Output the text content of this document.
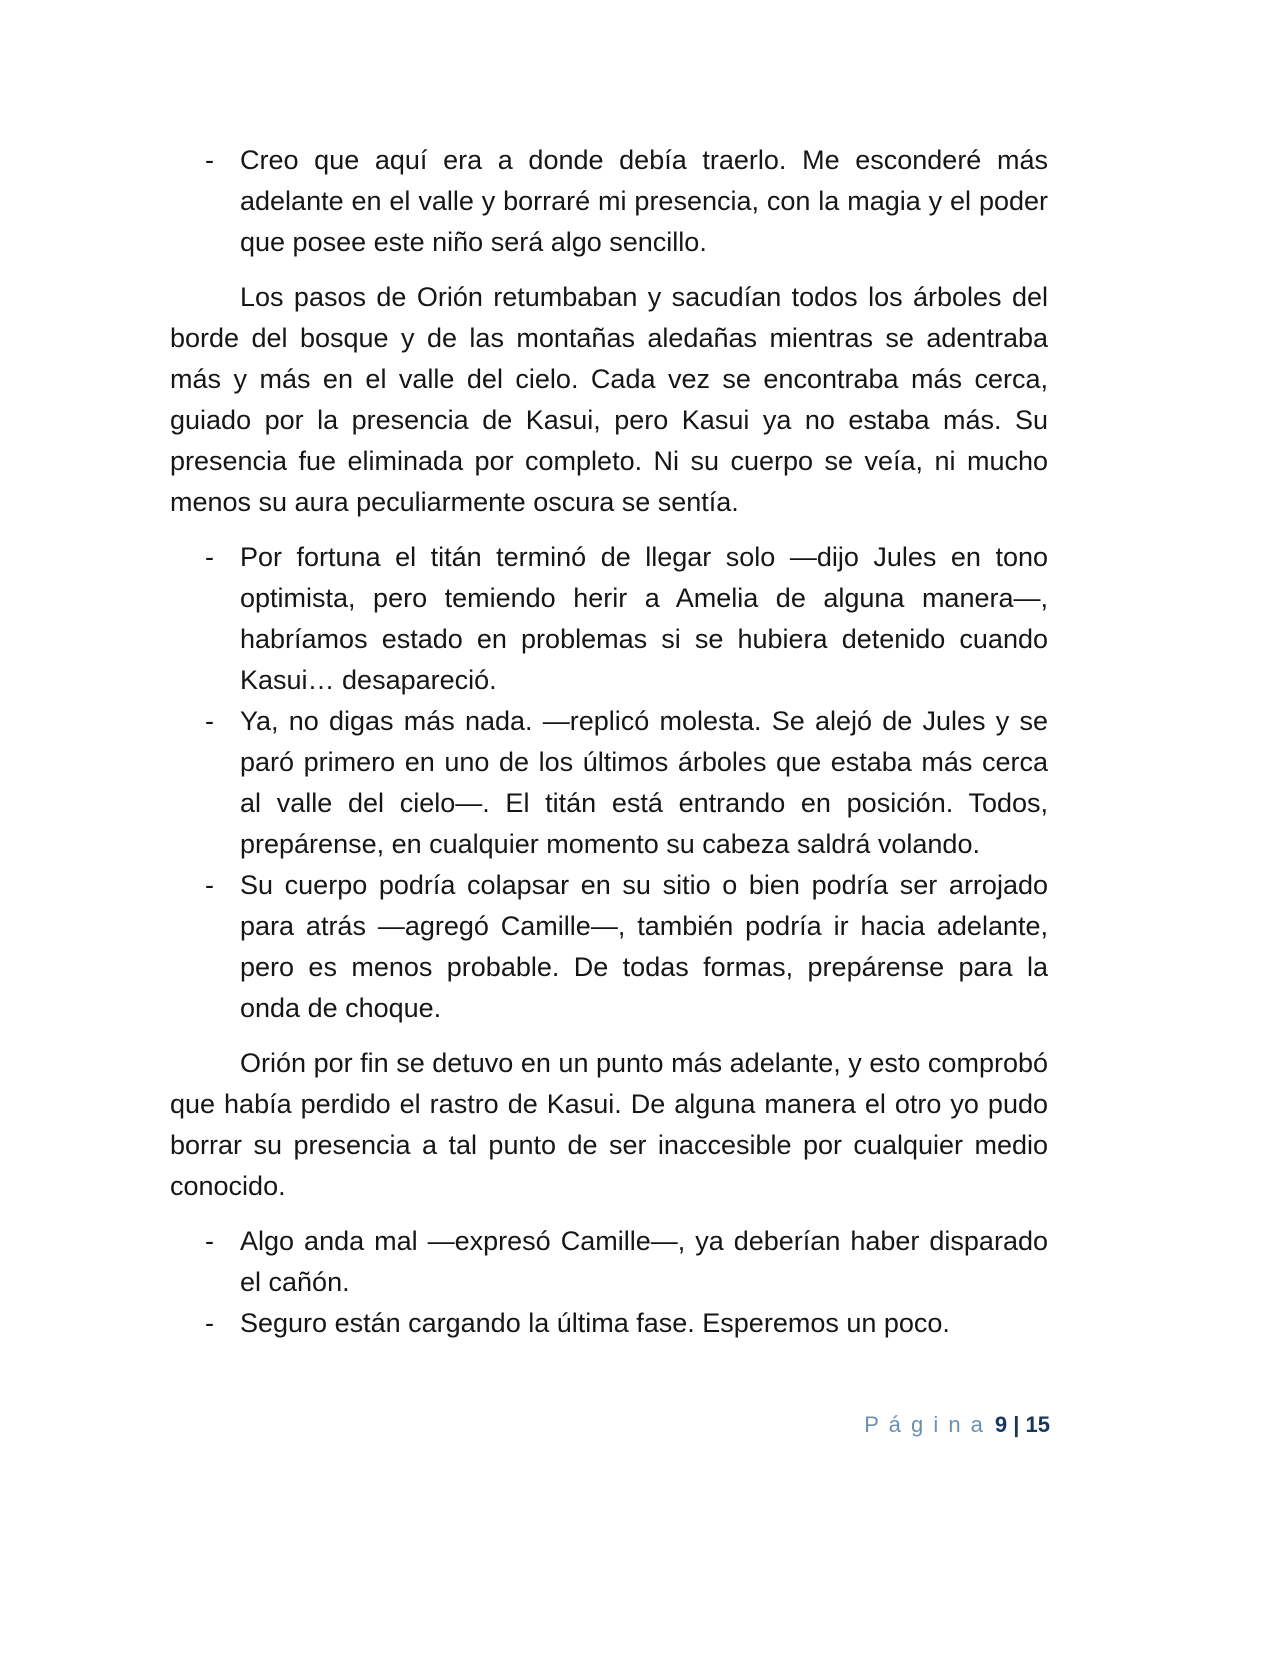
- Creo que aquí era a donde debía traerlo. Me esconderé más adelante en el valle y borraré mi presencia, con la magia y el poder que posee este niño será algo sencillo.

Los pasos de Orión retumbaban y sacudían todos los árboles del borde del bosque y de las montañas aledañas mientras se adentraba más y más en el valle del cielo. Cada vez se encontraba más cerca, guiado por la presencia de Kasui, pero Kasui ya no estaba más. Su presencia fue eliminada por completo. Ni su cuerpo se veía, ni mucho menos su aura peculiarmente oscura se sentía.

- Por fortuna el titán terminó de llegar solo —dijo Jules en tono optimista, pero temiendo herir a Amelia de alguna manera—, habríamos estado en problemas si se hubiera detenido cuando Kasui… desapareció.
- Ya, no digas más nada. —replicó molesta. Se alejó de Jules y se paró primero en uno de los últimos árboles que estaba más cerca al valle del cielo—. El titán está entrando en posición. Todos, prepárense, en cualquier momento su cabeza saldrá volando.
- Su cuerpo podría colapsar en su sitio o bien podría ser arrojado para atrás —agregó Camille—, también podría ir hacia adelante, pero es menos probable. De todas formas, prepárense para la onda de choque.

Orión por fin se detuvo en un punto más adelante, y esto comprobó que había perdido el rastro de Kasui. De alguna manera el otro yo pudo borrar su presencia a tal punto de ser inaccesible por cualquier medio conocido.

- Algo anda mal —expresó Camille—, ya deberían haber disparado el cañón.
- Seguro están cargando la última fase. Esperemos un poco.
P á g i n a 9 | 15
